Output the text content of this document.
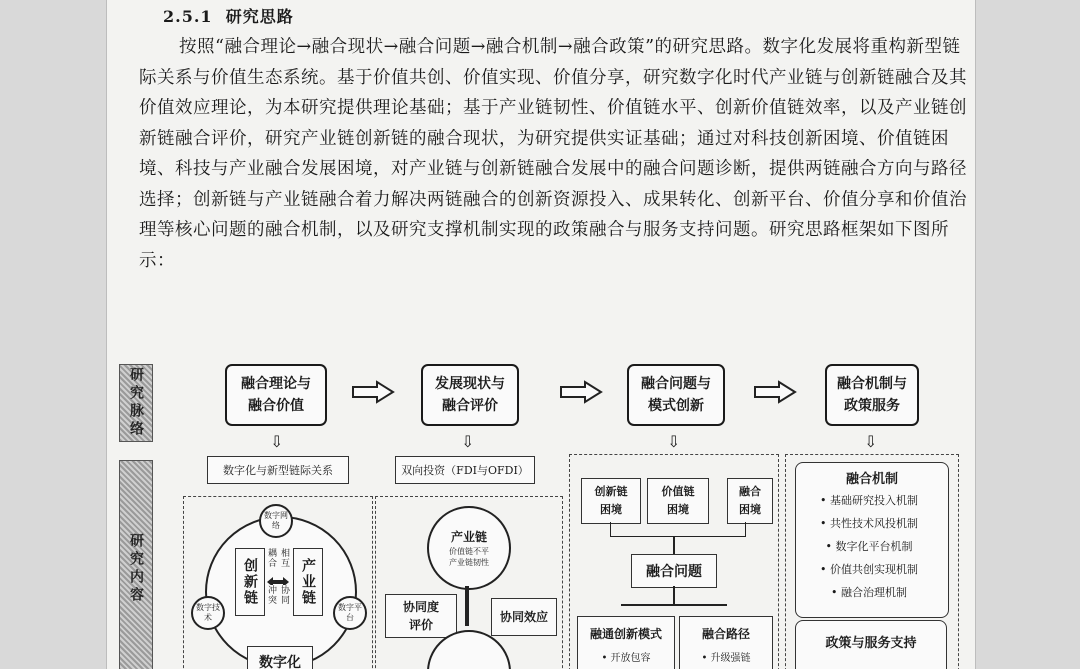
2.5.1 研究思路
按照“融合理论→融合现状→融合问题→融合机制→融合政策”的研究思路。数字化发展将重构新型链际关系与价值生态系统。基于价值共创、价值实现、价值分享，研究数字化时代产业链与创新链融合及其价值效应理论，为本研究提供理论基础；基于产业链韧性、价值链水平、创新价值链效率，以及产业链创新链融合评价，研究产业链创新链的融合现状，为研究提供实证基础；通过对科技创新困境、价值链困境、科技与产业融合发展困境，对产业链与创新链融合发展中的融合问题诊断，提供两链融合方向与路径选择；创新链与产业链融合着力解决两链融合的创新资源投入、成果转化、创新平台、价值分享和价值治理等核心问题的融合机制，以及研究支撑机制实现的政策融合与服务支持问题。研究思路框架如下图所示：
研究脉络
研究内容
融合理论与
融合价值
发展现状与
融合评价
融合问题与
模式创新
融合机制与
政策服务
⇩	⇩	⇩	⇩
数字化与新型链际关系
数字网络
创新链	产业链
相互耦合
协同冲突
数字技术
数字平台
数字化
双向投资（FDI与OFDI）
产业链
价值链不平
产业链韧性
协同度
评价
协同效应
创新链
困境
价值链
困境
融合
困境
融合问题
融通创新模式
• 开放包容
融合路径
• 升级强链
融合机制
• 基础研究投入机制
• 共性技术风投机制
• 数字化平台机制
• 价值共创实现机制
• 融合治理机制
政策与服务支持
